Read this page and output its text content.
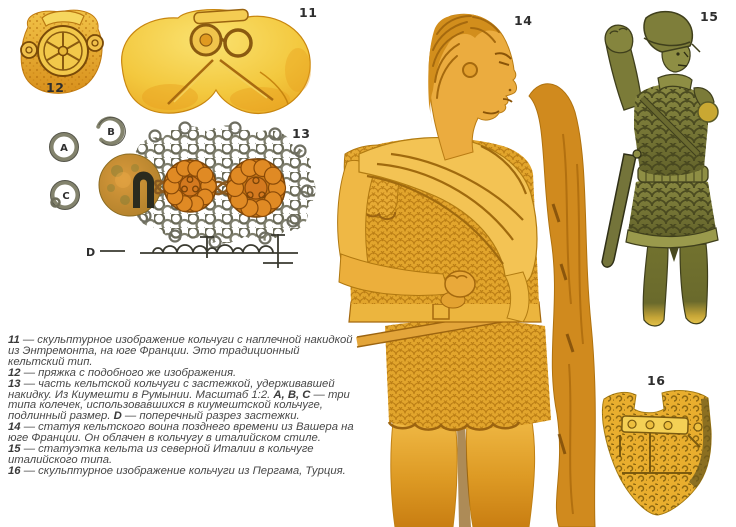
12
11
A
B
C
D
13
14	15
16

11 — скульптурное изображение кольчуги с наплечной накидкой из Энтремонта, на юге Франции. Это традиционный кельтский тип.

12 — пряжка с подобного же изображения.

13 — часть кельтской кольчуги с застежкой, удерживавшей накидку. Из Киумешти в Румынии. Масштаб 1:2. A, B, C — три типа колечек, использовавшихся в киумештской кольчуге, подлинный размер. D — поперечный разрез застежки.

14 — статуя кельтского воина позднего времени из Вашера на юге Франции. Он облачен в кольчугу в италийском стиле.

15 — статуэтка кельта из северной Италии в кольчуге италийского типа.

16 — скульптурное изображение кольчуги из Пергама, Турция.
